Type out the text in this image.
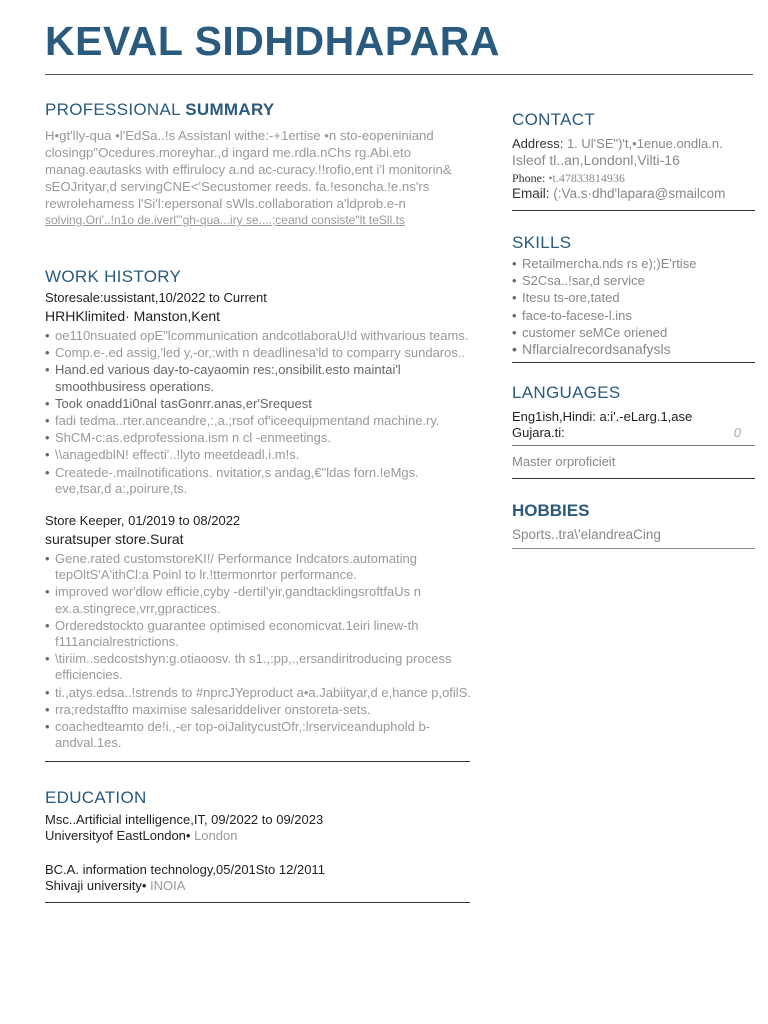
KEVAL SIDHDHAPARA
PROFESSIONAL SUMMARY
H•gt'lly-qua •l'EdSa..!s Assistanl withe:-+1ertise •n sto-eopeniniand
closingp"Ocedures.moreyhar.,d ingard me.rdla.nChs rg.Abi.eto
manag.eautasks with effirulocy a.nd ac-curacy.!!rofio,ent i'l monitorin&
sEOJrityar,d servingCNE<'Secustomer reeds. fa.!esoncha.!e.ns'rs
rewrolehamess l'Si'l:epersonal sWls.collaboration a'ldprob.e-n
solving.Ori'..!n1o de.iverl'"gh-qua...iry se....;ceand consiste"lt teSll.ts
WORK HISTORY
Storesale:ussistant,10/2022 to Current
HRHKlimited· Manston,Kent
• oe110nsuated opE"lcommunication andcotlaboraU!d withvarious teams.
• Comp.e-.ed assig,'led y,-or,:with n deadlinesa'ld to comparry sundaros..
• Hand.ed various day-to-cayaomin res:,onsibilit.esto maintai'l smoothbusiress operations.
• Took onadd1i0nal tasGonrr.anas,er'Srequest
• fadi tedma..rter.anceandre,:,a.;rsof of'iceequipmentand machine.ry.
• ShCM-c:as.edprofessiona.ism n cl -enmeetings.
• \\anagedblN! effecti'..!lyto meetdeadl.i.m!s.
• Createde-.mailnotifications. nvitatior,s andag,€"ldas forn.!eMgs. eve,tsar,d a:,poirure,ts.
Store Keeper, 01/2019 to 08/2022
suratsuper store.Surat
• Gene.rated customstoreKI!/ Performance Indcators.automating tepOltS'A'ithCl:a Poinl to lr.!ttermonrtor performance.
• improved wor'dlow efficie,cyby -dertil'yir,gandtacklingsroftfaUs n ex.a.stingrece,vrr,gpractices.
• Orderedstockto guarantee optimised economicvat.1eiri linew-th f111ancialrestrictions.
• \tiriim..sedcostshyn:g.otiaoosv. th s1.,:pp,.,ersandiritroducing process efficiencies.
• ti.,atys.edsa..!strends to #nprcJYeproduct a•a.Jabiityar,d e,hance p,ofilS.
• rra;redstaffto maximise salesariddeliver onstoreta-sets.
• coachedteamto de!i.,-er top-oiJalitycustOfr,:lrserviceanduphold b-andval.1es.
EDUCATION
Msc..Artificial intelligence,IT, 09/2022 to 09/2023
Universityof EastLondon• London
BC.A. information technology,05/201Sto 12/2011
Shivaji university• INOIA
CONTACT
Address: 1. Ul'SE")'t,•1enue.ondla.n.
Isleof tl..an,Londonl,Vilti-16
Phone: •t.47833814936
Email: (:Va.s·dhd'lapara@smailcom
SKILLS
• Retailmercha.nds rs e);)E'rtise
• S2Csa..!sar,d service
• Itesu ts-ore,tated
• face-to-facese-l.ins
• customer seMCe oriened
• Nflarcialrecordsanafysls
LANGUAGES
Eng1ish,Hindi: a:i'.-eLarg.1,ase
Gujara.ti:	0
Master orproficieit
HOBBIES
Sports..tra\'elandreaCing
